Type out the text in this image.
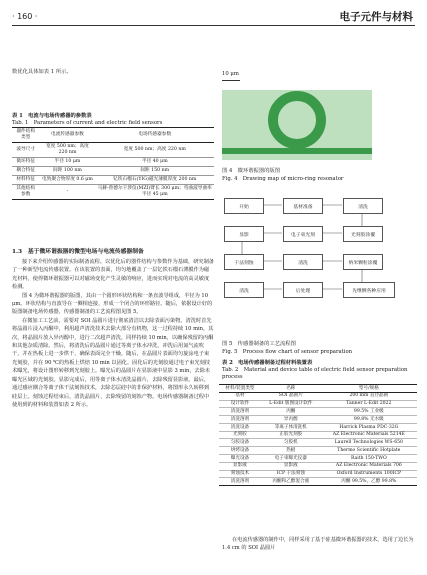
· 160 ·	电子元件与材料
数优化具体如表 1 所示。
表 1　电流与电场传感器的参数表
Tab. 1　Parameters of current and electric field sensors
器件结构类型	电流传感器参数	电场传感器参数
波导尺寸	宽度 500 nm；高度 220 nm	宽度 500 nm；高度 220 nm
微环特征	半径 10 μm	半径 40 μm
耦合特征	间距 100 nm	间距 150 nm
材料特征	电致聚合物厚度 0.6 μm	钇铁石榴石(YIG)磁光薄膜厚度 200 nm
其他结构参数	-	马赫-曾德尔干涉仪(MZI)臂长 300 μm；弯曲波导曲率半径 45 μm
1.3　基于微环谐振器的微型电场与电流传感器制备

接下来介绍传感器的实际制备流程。以优化后的器件结构与参数作为基础，研究制备了一种新型电流传感装置。在该装置的表面，均匀地覆盖了一层钇铁石榴石薄膜作为磁光材料，使得微环谐振器可以对磁场变化产生灵敏的响应，进而实现对电流的高灵敏度检测。

图 4 为微环谐振器的版图，其由一个圆形环状结构和一条直波导组成，半径为 10 μm。环状结构与直波导在一侧相连接，形成一个闭合的环形路径。随后，依据设计好的版图制备电场传感器，传感器制备的工艺流程图见图 5。

在微加工工艺前，需要对 SOI 晶圆片进行彻底清洁以去除表面污染物。清洗时首先将晶圆片浸入丙酮中，利用超声清洗技术去除大部分有机物，这一过程持续 10 min。其次，将晶圆片放入异丙醇中，进行二次超声清洗，同样持续 10 min，以确保残留的丙酮和其他杂质清除。然后，将清洗后的晶圆片通过等离子体水冲洗，冲洗后用氮气流吹干，并在热板上进一步烘干，确保表面完全干燥。随后，在晶圆片表面均匀旋涂电子束光刻胶，并在 90 ℃的热板上烘焙 10 min 以固化。固化后的光刻胶通过电子束光刻技术曝光，将设计图形转移到光刻胶上。曝光后的晶圆片在显影液中显影 3 min，去除未曝光区域的光刻胶。显影完成后，用等离子体水清洗晶圆片，去除残留显影液。最后，通过感应耦合等离子体干法刻蚀技术，去除芯层硅中的非保护材料，将图形永久转移到硅层上。刻蚀过程结束后，清洗晶圆片，去除残留的刻蚀产物。电场传感器制备过程中使用到的材料和装置如表 2 所示。

10 μm
图 4　微环谐振器的版图
Fig. 4　Drawing map of micro-ring resonator
开始	基材准备	清洗
显影	电子束光刻	光刻胶涂覆
干法刻蚀	清洗	纳米颗粒涂覆
清洗	后处理	先继侧各种应用
图 5　传感器制备的工艺流程图
Fig. 5　Process flow chart of sensor preparation
表 2　电场传感器制备过程材料装置表
Tab. 2　Material and device table of electric field sensor preparation process
材料/装置类型	名称	型号/规格
基材	SOI 晶圆片	200 mm 直径晶圆
设计软件	L-Edit 版图设计软件	Tanner L-Edit 2022
清洗溶剂	丙酮	99.5% 工业级
清洗溶剂	异丙醇	99.8% 无水级
清洗设备	等离子体清洗机	Harrick Plasma PDC-32G
光刻胶	正胶光刻胶	AZ Electronic Materials 5214E
匀胶设备	匀胶机	Laurell Technologies WS-650
烘烤设备	热板	Thermo Scientific Hotplate
曝光设备	电子束曝光仪器	Raith 150-TWO
显影液	显影液	AZ Electronic Materials 706
刻蚀技术	ICP 干法刻蚀	Oxford Instruments 100ICP
清洗溶剂	丙酮和乙醇混合液	丙酮 99.5%，乙醇 99.8%

在电流传感器的制作中，同样采用了基于硅基微环谐振器的技术，选用了边长为 1.4 cm 的 SOI 晶圆片
